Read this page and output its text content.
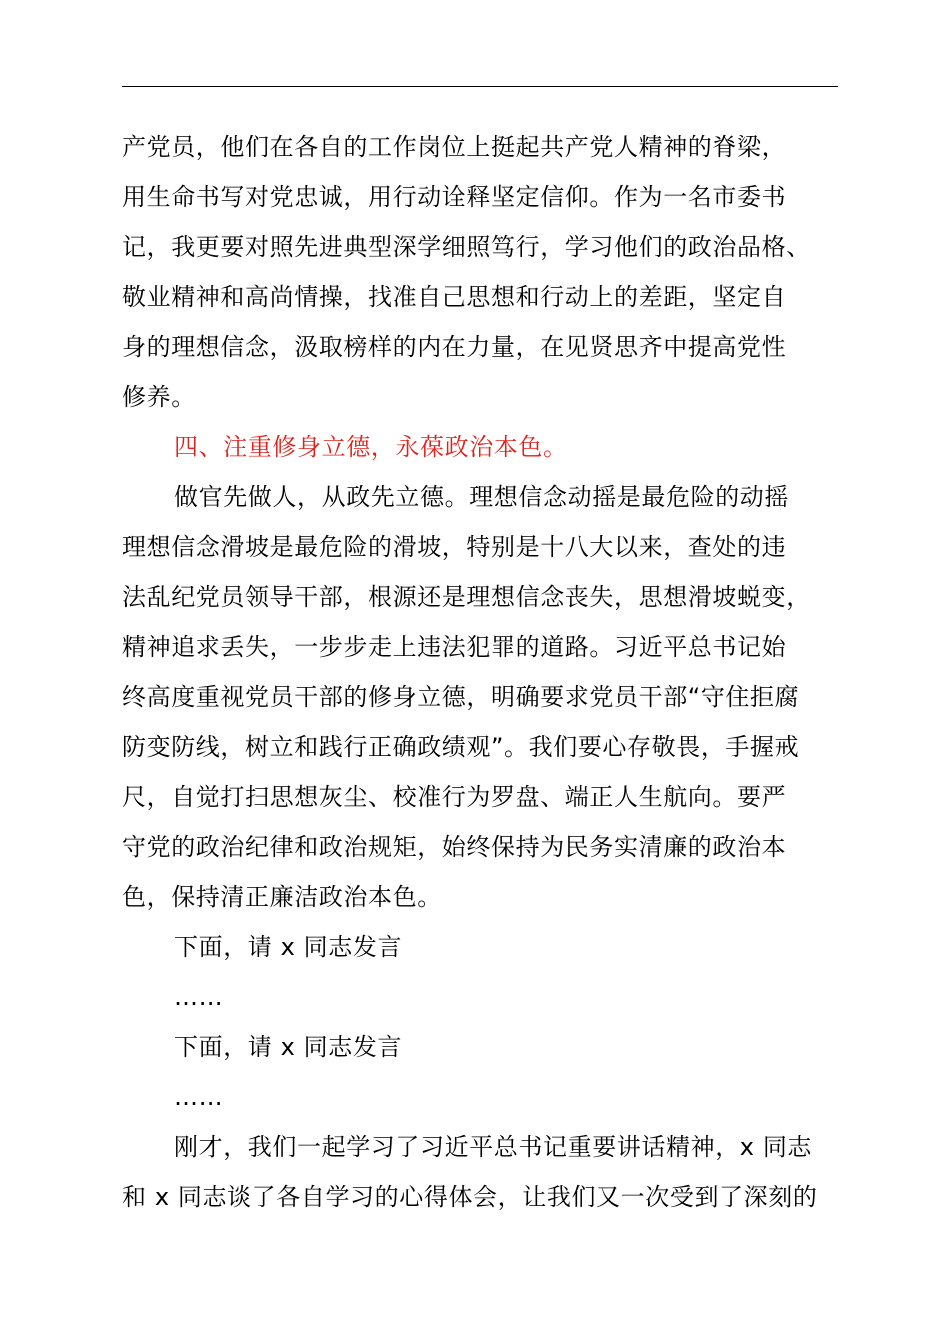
产党员，他们在各自的工作岗位上挺起共产党人精神的脊梁，
用生命书写对党忠诚，用行动诠释坚定信仰。作为一名市委书
记，我更要对照先进典型深学细照笃行，学习他们的政治品格、
敬业精神和高尚情操，找准自己思想和行动上的差距，坚定自
身的理想信念，汲取榜样的内在力量，在见贤思齐中提高党性
修养。
四、注重修身立德，永葆政治本色。
做官先做人，从政先立德。理想信念动摇是最危险的动摇
理想信念滑坡是最危险的滑坡，特别是十八大以来，查处的违
法乱纪党员领导干部，根源还是理想信念丧失，思想滑坡蜕变，
精神追求丢失，一步步走上违法犯罪的道路。习近平总书记始
终高度重视党员干部的修身立德，明确要求党员干部“守住拒腐
防变防线，树立和践行正确政绩观”。我们要心存敬畏，手握戒
尺，自觉打扫思想灰尘、校准行为罗盘、端正人生航向。要严
守党的政治纪律和政治规矩，始终保持为民务实清廉的政治本
色，保持清正廉洁政治本色。
下面，请 x 同志发言
……
下面，请 x 同志发言
……
刚才，我们一起学习了习近平总书记重要讲话精神，x 同志
和 x 同志谈了各自学习的心得体会，让我们又一次受到了深刻的
